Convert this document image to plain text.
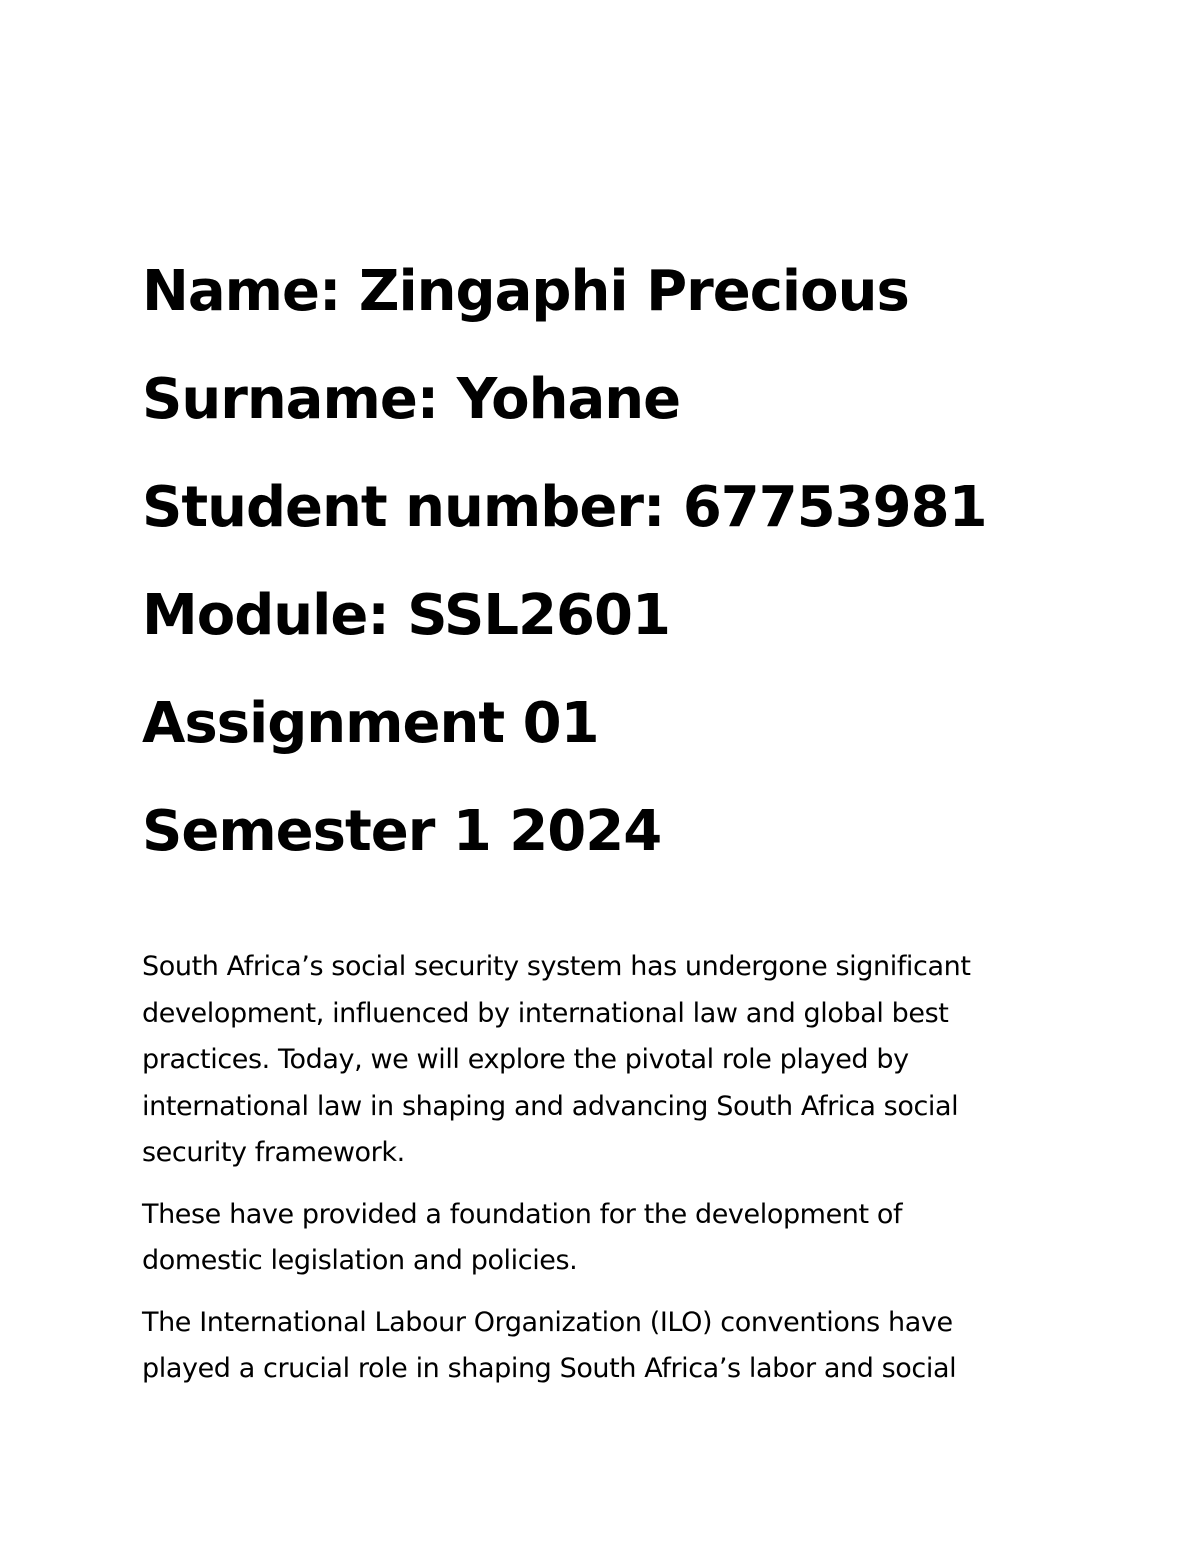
Name: Zingaphi Precious
Surname: Yohane
Student number: 67753981
Module: SSL2601
Assignment 01
Semester 1 2024

South Africa’s social security system has undergone significant
development, influenced by international law and global best
practices. Today, we will explore the pivotal role played by
international law in shaping and advancing South Africa social
security framework.

These have provided a foundation for the development of
domestic legislation and policies.

The International Labour Organization (ILO) conventions have
played a crucial role in shaping South Africa’s labor and social
